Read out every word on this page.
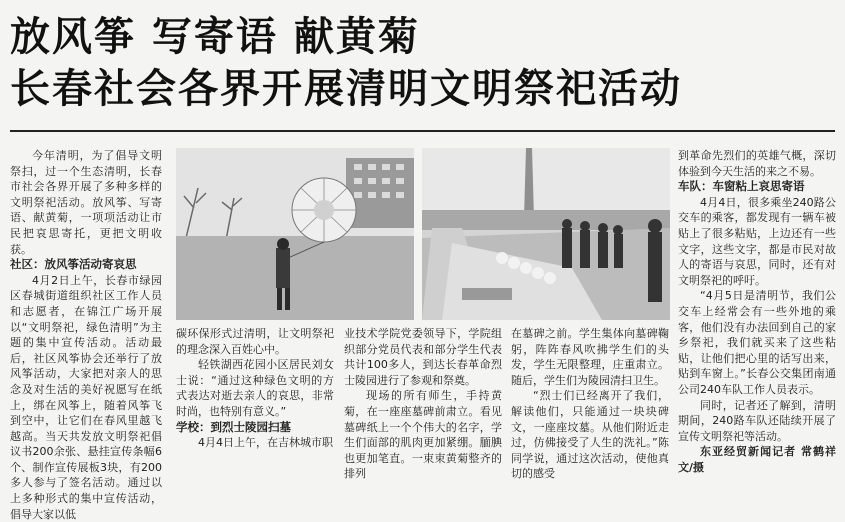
放风筝 写寄语 献黄菊
长春社会各界开展清明文明祭祀活动

今年清明，为了倡导文明祭扫，过一个生态清明，长春市社会各界开展了多种多样的文明祭祀活动。放风筝、写寄语、献黄菊，一项项活动让市民把哀思寄托，更把文明收获。

社区：放风筝活动寄哀思

4月2日上午，长春市绿园区春城街道组织社区工作人员和志愿者，在锦江广场开展以“文明祭祀，绿色清明”为主题的集中宣传活动。活动最后，社区风筝协会还举行了放风筝活动，大家把对亲人的思念及对生活的美好祝愿写在纸上，绑在风筝上，随着风筝飞到空中，让它们在春风里越飞越高。当天共发放文明祭祀倡议书200余张、悬挂宣传条幅6个、制作宣传展板3块，有200多人参与了签名活动。通过以上多种形式的集中宣传活动，倡导大家以低

碳环保形式过清明，让文明祭祀的理念深入百姓心中。

轻铁湖西花园小区居民刘女士说：“通过这种绿色文明的方式表达对逝去亲人的哀思，非常时尚，也特别有意义。”

学校：到烈士陵园扫墓

4月4日上午，在吉林城市职

业技术学院党委领导下，学院组织部分党员代表和部分学生代表共计100多人，到达长春革命烈士陵园进行了参观和祭奠。

现场的所有师生，手持黄菊，在一座座墓碑前肃立。看见墓碑纸上一个个伟大的名字，学生们面部的肌肉更加紧绷。腼腆也更加笔直。一束束黄菊整齐的排列

在墓碑之前。学生集体向墓碑鞠躬，阵阵春风吹拂学生们的头发，学生无限整理，庄重肃立。随后，学生们为陵园清扫卫生。

“烈士们已经离开了我们，解读他们，只能通过一块块碑文，一座座坟墓。从他们附近走过，仿佛接受了人生的洗礼。”陈同学说，通过这次活动，使他真切的感受

到革命先烈们的英雄气概，深切体验到今天生活的来之不易。

车队：车窗粘上哀思寄语

4月4日，很多乘坐240路公交车的乘客，都发现有一辆车被贴上了很多粘贴，上边还有一些文字，这些文字，都是市民对故人的寄语与哀思，同时，还有对文明祭祀的呼吁。

“4月5日是清明节，我们公交车上经常会有一些外地的乘客，他们没有办法回到自己的家乡祭祀，我们就买来了这些粘贴，让他们把心里的话写出来，贴到车窗上。”长春公交集团南通公司240车队工作人员表示。

同时，记者还了解到，清明期间，240路车队还陆续开展了宣传文明祭祀等活动。

东亚经贸新闻记者 常鹤祥文/摄
